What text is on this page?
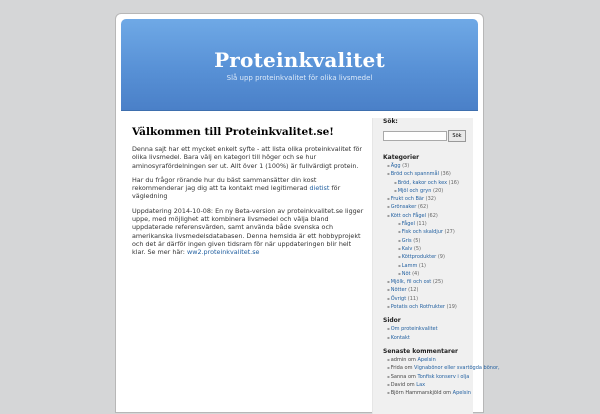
Proteinkvalitet
Slå upp proteinkvalitet för olika livsmedel
Välkommen till Proteinkvalitet.se!

Denna sajt har ett mycket enkelt syfte - att lista olika proteinkvalitet för olika livsmedel. Bara välj en kategori till höger och se hur aminosyrafördelningen ser ut. Allt över 1 (100%) är fullvärdigt protein.

Har du frågor rörande hur du bäst sammansätter din kost rekommenderar jag dig att ta kontakt med legitimerad dietist för vägledning

Uppdatering 2014-10-08: En ny Beta-version av proteinkvalitet.se ligger uppe, med möjlighet att kombinera livsmedel och välja bland uppdaterade referensvärden, samt använda både svenska och amerikanska livsmedelsdatabasen. Denna hemsida är ett hobbyprojekt och det är därför ingen given tidsram för när uppdateringen blir helt klar. Se mer här: ww2.proteinkvalitet.se

Sök:
Sök
Kategorier
▪Ägg (3)
▪Bröd och spannmål (36)
▪Bröd, kakor och kex (16)
▪Mjöl och gryn (20)
▪Frukt och Bär (32)
▪Grönsaker (62)
▪Kött och Fågel (62)
▪Fågel (11)
▪Fisk och skaldjur (27)
▪Gris (5)
▪Kalv (5)
▪Köttprodukter (9)
▪Lamm (1)
▪Nöt (4)
▪Mjölk, fil och ost (25)
▪Nötter (12)
▪Övrigt (11)
▪Potatis och Rotfrukter (19)
Sidor
▪Om proteinkvalitet
▪Kontakt
Senaste kommentarer
▪admin om Apelsin
▪Frida om Vignabönor eller svartögda bönor,
▪Sanna om Tonfisk konserv i olja
▪David om Lax
▪Björn Hammarskjöld om Apelsin
